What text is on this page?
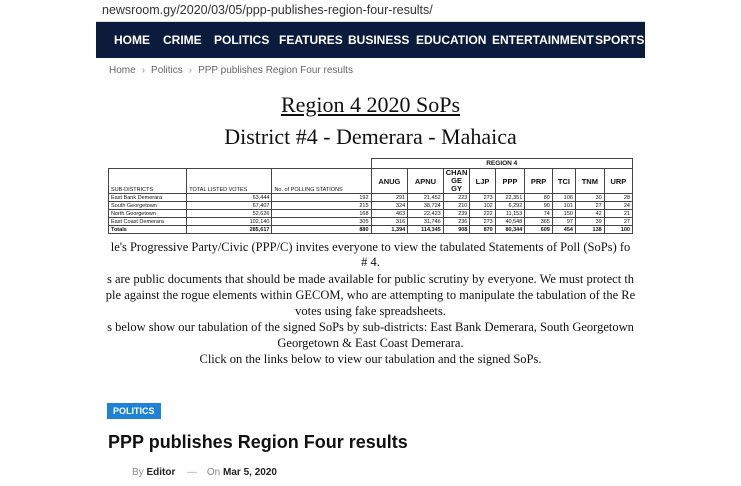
newsroom.gy/2020/03/05/ppp-publishes-region-four-results/
HOME CRIME POLITICS FEATURES BUSINESS EDUCATION ENTERTAINMENT SPORTS
Home › Politics › PPP publishes Region Four results
Region 4 2020 SoPs
District #4 - Demerara - Mahaica
			REGION 4								
SUB-DISTRICTS	TOTAL LISTED VOTES	No. of POLLING STATIONS	ANUG	APNU	CHAN GE GY	LJP	PPP	PRP	TCI	TNM	URP
East Bank Demerara	63,444	192	291	21,452	223	273	22,351	80	106	30	28
South Georgetown	67,407	215	324	38,724	210	102	6,292	90	101	27	24
North Georgetown	52,626	168	463	22,423	239	222	11,153	74	150	42	21
East Coast Demerara	102,140	305	316	31,746	236	273	40,548	365	97	39	27
Totals	285,617	880	1,394	114,345	908	870	80,344	609	454	138	100
le's Progressive Party/Civic (PPP/C) invites everyone to view the tabulated Statements of Poll (SoPs) fo
# 4.
s are public documents that should be made available for public scrutiny by everyone. We must protect th
ple against the rogue elements within GECOM, who are attempting to manipulate the tabulation of the Re
votes using fake spreadsheets.
s below show our tabulation of the signed SoPs by sub-districts: East Bank Demerara, South Georgetown
Georgetown & East Coast Demerara.
Click on the links below to view our tabulation and the signed SoPs.
POLITICS
PPP publishes Region Four results
By Editor — On Mar 5, 2020
